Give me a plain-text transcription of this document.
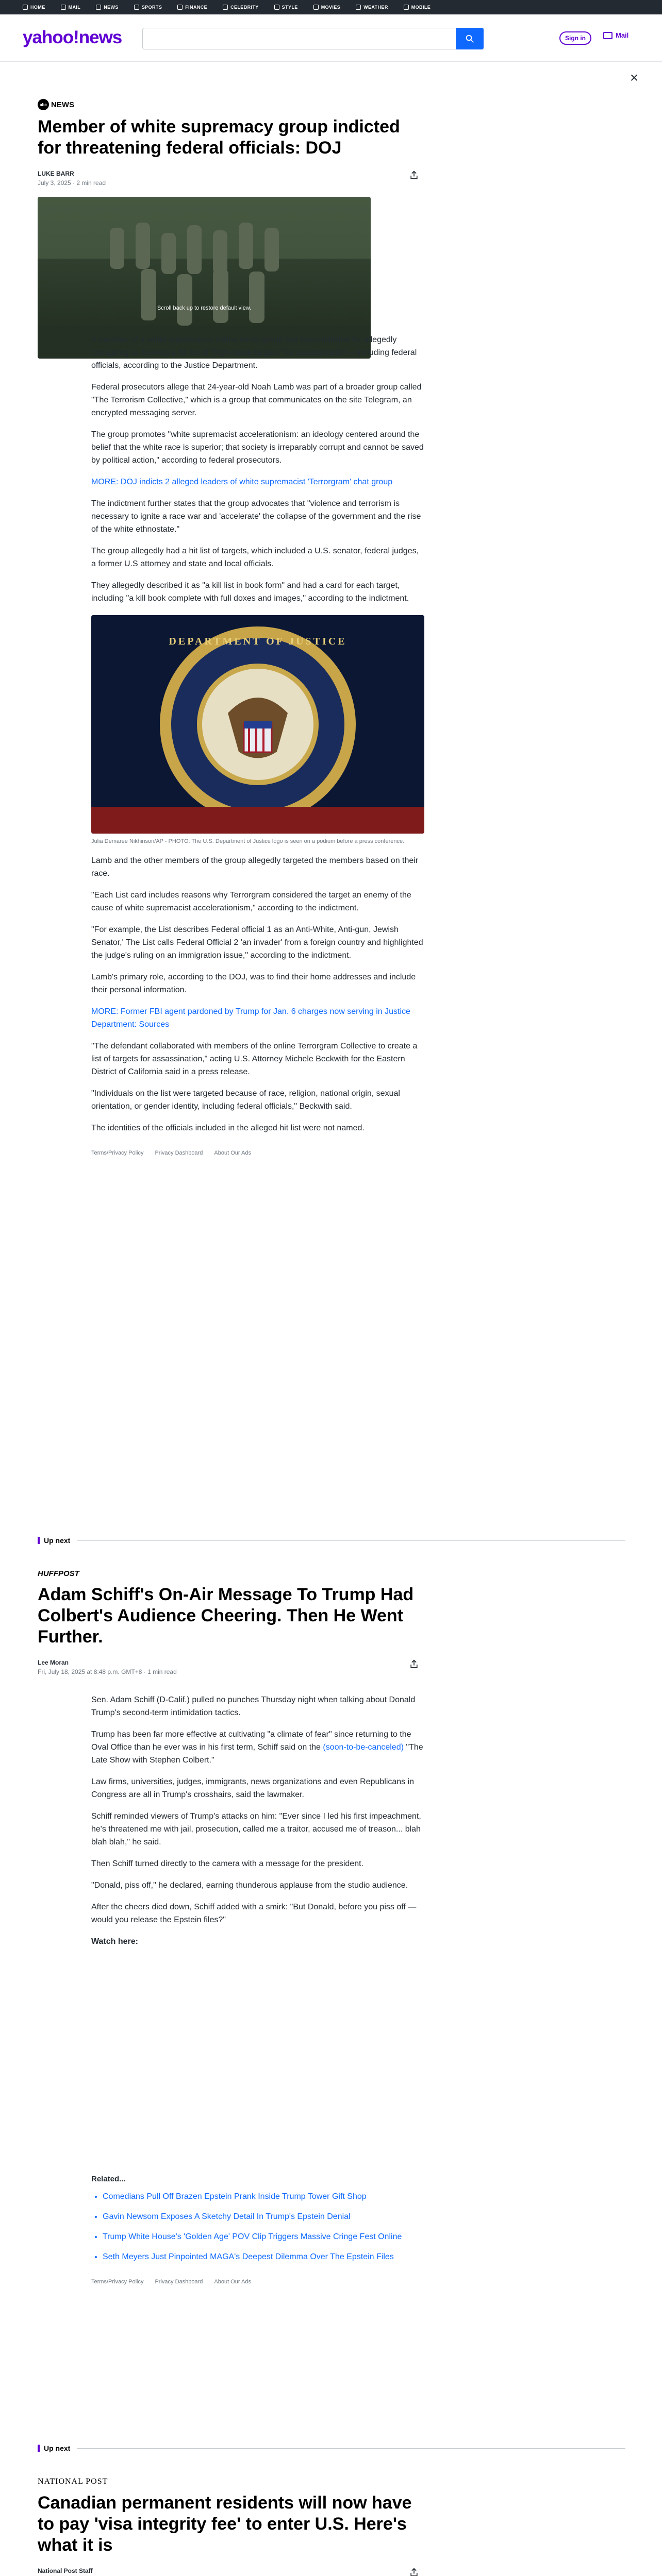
HOME	MAIL	NEWS	SPORTS	FINANCE	CELEBRITY	STYLE	MOVIES	WEATHER	MOBILE
yahoo!news	Sign in	Mail
×
abc NEWS
Member of white supremacy group indicted for threatening federal officials: DOJ
LUKE BARR
July 3, 2025 · 2 min read
Scroll back up to restore default view.

A member of a white supremacist online terror group has been indicted for allegedly conspiring to develop a hit list of "high-value targets" for assassination -- including federal officials, according to the Justice Department.

Federal prosecutors allege that 24-year-old Noah Lamb was part of a broader group called "The Terrorism Collective," which is a group that communicates on the site Telegram, an encrypted messaging server.

The group promotes "white supremacist accelerationism: an ideology centered around the belief that the white race is superior; that society is irreparably corrupt and cannot be saved by political action," according to federal prosecutors.

MORE: DOJ indicts 2 alleged leaders of white supremacist 'Terrorgram' chat group

The indictment further states that the group advocates that "violence and terrorism is necessary to ignite a race war and 'accelerate' the collapse of the government and the rise of the white ethnostate."

The group allegedly had a hit list of targets, which included a U.S. senator, federal judges, a former U.S attorney and state and local officials.

They allegedly described it as "a kill list in book form" and had a card for each target, including "a kill book complete with full doxes and images," according to the indictment.

DEPARTMENT OF JUSTICE
Julia Demaree Nikhinson/AP - PHOTO: The U.S. Department of Justice logo is seen on a podium before a press conference.

Lamb and the other members of the group allegedly targeted the members based on their race.

"Each List card includes reasons why Terrorgram considered the target an enemy of the cause of white supremacist accelerationism," according to the indictment.

"For example, the List describes Federal official 1 as an Anti-White, Anti-gun, Jewish Senator,' The List calls Federal Official 2 'an invader' from a foreign country and highlighted the judge's ruling on an immigration issue," according to the indictment.

Lamb's primary role, according to the DOJ, was to find their home addresses and include their personal information.

MORE: Former FBI agent pardoned by Trump for Jan. 6 charges now serving in Justice Department: Sources

"The defendant collaborated with members of the online Terrorgram Collective to create a list of targets for assassination," acting U.S. Attorney Michele Beckwith for the Eastern District of California said in a press release.

"Individuals on the list were targeted because of race, religion, national origin, sexual orientation, or gender identity, including federal officials," Beckwith said.

The identities of the officials included in the alleged hit list were not named.

Terms/Privacy Policy Privacy Dashboard About Our Ads
Up next
HUFFPOST
Adam Schiff's On-Air Message To Trump Had Colbert's Audience Cheering. Then He Went Further.
Lee Moran
Fri, July 18, 2025 at 8:48 p.m. GMT+8 · 1 min read

Sen. Adam Schiff (D-Calif.) pulled no punches Thursday night when talking about Donald Trump's second-term intimidation tactics.

Trump has been far more effective at cultivating "a climate of fear" since returning to the Oval Office than he ever was in his first term, Schiff said on the (soon-to-be-canceled) "The Late Show with Stephen Colbert."

Law firms, universities, judges, immigrants, news organizations and even Republicans in Congress are all in Trump's crosshairs, said the lawmaker.

Schiff reminded viewers of Trump's attacks on him: "Ever since I led his first impeachment, he's threatened me with jail, prosecution, called me a traitor, accused me of treason... blah blah blah," he said.

Then Schiff turned directly to the camera with a message for the president.

"Donald, piss off," he declared, earning thunderous applause from the studio audience.

After the cheers died down, Schiff added with a smirk: "But Donald, before you piss off — would you release the Epstein files?"

Watch here:

Related...
• Comedians Pull Off Brazen Epstein Prank Inside Trump Tower Gift Shop
• Gavin Newsom Exposes A Sketchy Detail In Trump's Epstein Denial
• Trump White House's 'Golden Age' POV Clip Triggers Massive Cringe Fest Online
• Seth Meyers Just Pinpointed MAGA's Deepest Dilemma Over The Epstein Files
Terms/Privacy Policy Privacy Dashboard About Our Ads
Up next
NATIONAL POST
Canadian permanent residents will now have to pay 'visa integrity fee' to enter U.S. Here's what it is
National Post Staff
